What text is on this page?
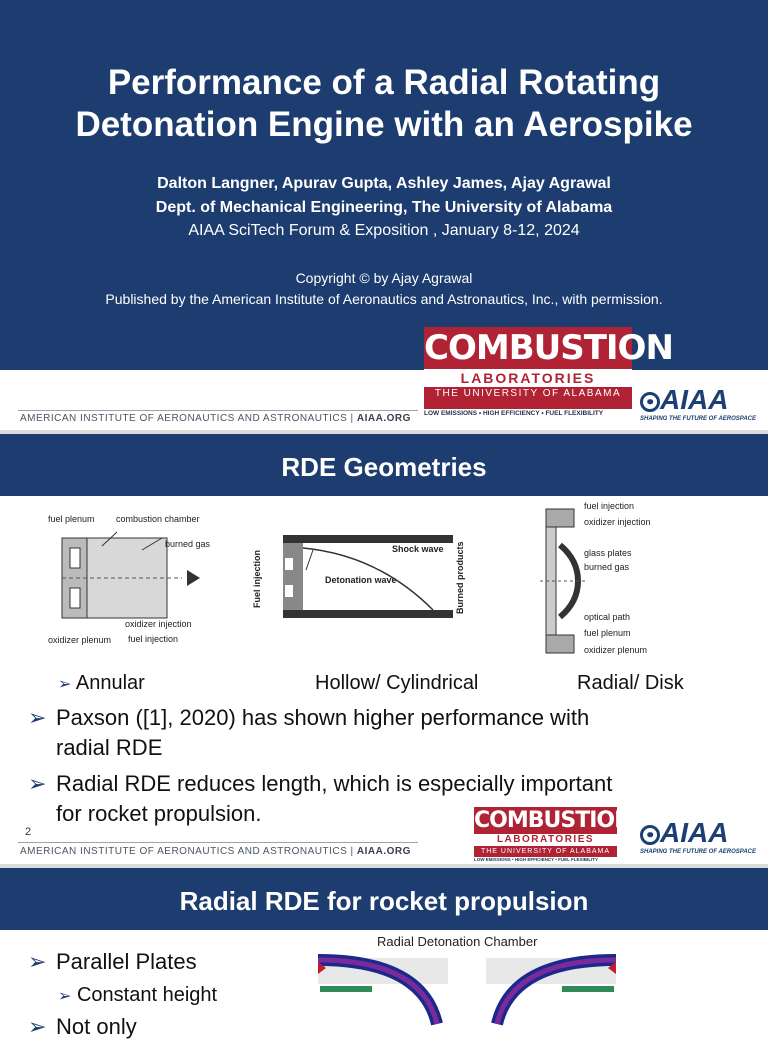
Performance of a Radial Rotating
Detonation Engine with an Aerospike
Dalton Langner, Apurav Gupta, Ashley James, Ajay Agrawal
Dept. of Mechanical Engineering, The University of Alabama
AIAA SciTech Forum & Exposition , January 8-12, 2024
Copyright © by Ajay Agrawal
Published by the American Institute of Aeronautics and Astronautics, Inc., with permission.
AMERICAN INSTITUTE OF AERONAUTICS AND ASTRONAUTICS | AIAA.ORG
COMBUSTION
LABORATORIES
THE UNIVERSITY OF ALABAMA
LOW EMISSIONS • HIGH EFFICIENCY • FUEL FLEXIBILITY	AIAA
SHAPING THE FUTURE OF AEROSPACE
RDE Geometries
fuel plenum combustion chamber
burned gas
oxidizer injection
oxidizer plenum fuel injection
Fuel injection
Shock wave
Detonation wave	Burned products
fuel injection
oxidizer injection
glass plates
burned gas
optical path
fuel plenum
oxidizer plenum
➢ Annular	Hollow/ Cylindrical	Radial/ Disk
➢ Paxson ([1], 2020) has shown higher performance with
radial RDE
➢ Radial RDE reduces length, which is especially important
for rocket propulsion.
2
AMERICAN INSTITUTE OF AERONAUTICS AND ASTRONAUTICS | AIAA.ORG
COMBUSTION
LABORATORIES
THE UNIVERSITY OF ALABAMA
LOW EMISSIONS • HIGH EFFICIENCY • FUEL FLEXIBILITY
AIAA
SHAPING THE FUTURE OF AEROSPACE
Radial RDE for rocket propulsion
➢ Parallel Plates
➢ Constant height
➢ Not only
Radial Detonation Chamber
